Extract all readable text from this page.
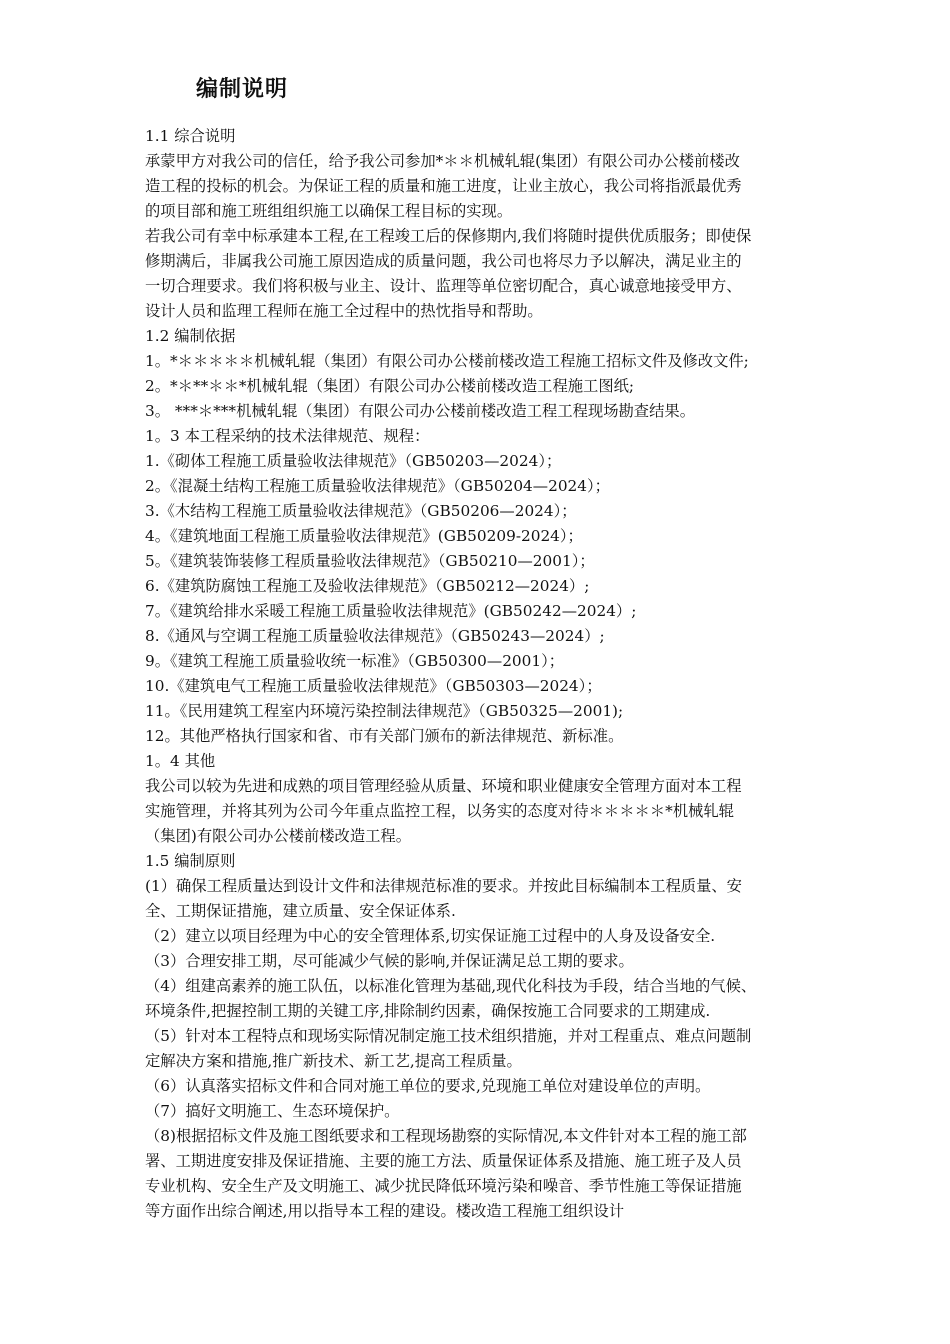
编制说明
1.1 综合说明
承蒙甲方对我公司的信任，给予我公司参加*＊＊机械轧辊(集团）有限公司办公楼前楼改
造工程的投标的机会。为保证工程的质量和施工进度，让业主放心，我公司将指派最优秀
的项目部和施工班组组织施工以确保工程目标的实现。
若我公司有幸中标承建本工程,在工程竣工后的保修期内,我们将随时提供优质服务；即使保
修期满后，非属我公司施工原因造成的质量问题，我公司也将尽力予以解决，满足业主的
一切合理要求。我们将积极与业主、设计、监理等单位密切配合，真心诚意地接受甲方、
设计人员和监理工程师在施工全过程中的热忱指导和帮助。
1.2 编制依据
1。*＊＊＊＊＊机械轧辊（集团）有限公司办公楼前楼改造工程施工招标文件及修改文件;
2。*＊**＊＊*机械轧辊（集团）有限公司办公楼前楼改造工程施工图纸;
3。 ***＊***机械轧辊（集团）有限公司办公楼前楼改造工程工程现场勘查结果。
1。3 本工程采纳的技术法律规范、规程：
1.《砌体工程施工质量验收法律规范》（GB50203—2024）；
2。《混凝土结构工程施工质量验收法律规范》（GB50204—2024）；
3.《木结构工程施工质量验收法律规范》（GB50206—2024）；
4。《建筑地面工程施工质量验收法律规范》(GB50209-2024）；
5。《建筑装饰装修工程质量验收法律规范》（GB50210—2001）；
6.《建筑防腐蚀工程施工及验收法律规范》（GB50212—2024）;
7。《建筑给排水采暖工程施工质量验收法律规范》(GB50242—2024）;
8.《通风与空调工程施工质量验收法律规范》（GB50243—2024）;
9。《建筑工程施工质量验收统一标准》（GB50300—2001）；
10.《建筑电气工程施工质量验收法律规范》（GB50303—2024）；
11。《民用建筑工程室内环境污染控制法律规范》（GB50325—2001);
12。其他严格执行国家和省、市有关部门颁布的新法律规范、新标准。
1。4 其他
我公司以较为先进和成熟的项目管理经验从质量、环境和职业健康安全管理方面对本工程
实施管理，并将其列为公司今年重点监控工程，以务实的态度对待＊＊＊＊＊*机械轧辊
（集团)有限公司办公楼前楼改造工程。
1.5 编制原则
(1）确保工程质量达到设计文件和法律规范标准的要求。并按此目标编制本工程质量、安
全、工期保证措施，建立质量、安全保证体系.
（2）建立以项目经理为中心的安全管理体系,切实保证施工过程中的人身及设备安全.
（3）合理安排工期，尽可能减少气候的影响,并保证满足总工期的要求。
（4）组建高素养的施工队伍，以标准化管理为基础,现代化科技为手段，结合当地的气候、
环境条件,把握控制工期的关键工序,排除制约因素，确保按施工合同要求的工期建成.
（5）针对本工程特点和现场实际情况制定施工技术组织措施，并对工程重点、难点问题制
定解决方案和措施,推广新技术、新工艺,提高工程质量。
（6）认真落实招标文件和合同对施工单位的要求,兑现施工单位对建设单位的声明。
（7）搞好文明施工、生态环境保护。
（8)根据招标文件及施工图纸要求和工程现场勘察的实际情况,本文件针对本工程的施工部
署、工期进度安排及保证措施、主要的施工方法、质量保证体系及措施、施工班子及人员
专业机构、安全生产及文明施工、减少扰民降低环境污染和噪音、季节性施工等保证措施
等方面作出综合阐述,用以指导本工程的建设。楼改造工程施工组织设计
